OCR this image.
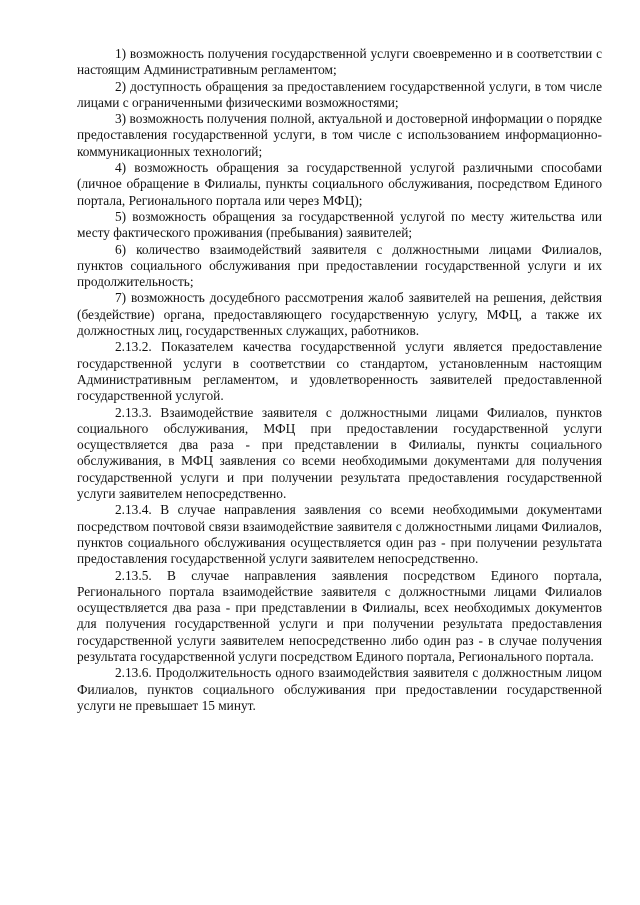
1) возможность получения государственной услуги своевременно и в соответствии с настоящим Административным регламентом;

2) доступность обращения за предоставлением государственной услуги, в том числе лицами с ограниченными физическими возможностями;

3) возможность получения полной, актуальной и достоверной информации о порядке предоставления государственной услуги, в том числе с использованием информационно-коммуникационных технологий;

4) возможность обращения за государственной услугой различными способами (личное обращение в Филиалы, пункты социального обслуживания, посредством Единого портала, Регионального портала или через МФЦ);

5) возможность обращения за государственной услугой по месту жительства или месту фактического проживания (пребывания) заявителей;

6) количество взаимодействий заявителя с должностными лицами Филиалов, пунктов социального обслуживания при предоставлении государственной услуги и их продолжительность;

7) возможность досудебного рассмотрения жалоб заявителей на решения, действия (бездействие) органа, предоставляющего государственную услугу, МФЦ, а также их должностных лиц, государственных служащих, работников.

2.13.2. Показателем качества государственной услуги является предоставление государственной услуги в соответствии со стандартом, установленным настоящим Административным регламентом, и удовлетворенность заявителей предоставленной государственной услугой.

2.13.3. Взаимодействие заявителя с должностными лицами Филиалов, пунктов социального обслуживания, МФЦ при предоставлении государственной услуги осуществляется два раза - при представлении в Филиалы, пункты социального обслуживания, в МФЦ заявления со всеми необходимыми документами для получения государственной услуги и при получении результата предоставления государственной услуги заявителем непосредственно.

2.13.4. В случае направления заявления со всеми необходимыми документами посредством почтовой связи взаимодействие заявителя с должностными лицами Филиалов, пунктов социального обслуживания осуществляется один раз - при получении результата предоставления государственной услуги заявителем непосредственно.

2.13.5. В случае направления заявления посредством Единого портала, Регионального портала взаимодействие заявителя с должностными лицами Филиалов осуществляется два раза - при представлении в Филиалы, всех необходимых документов для получения государственной услуги и при получении результата предоставления государственной услуги заявителем непосредственно либо один раз - в случае получения результата государственной услуги посредством Единого портала, Регионального портала.

2.13.6. Продолжительность одного взаимодействия заявителя с должностным лицом Филиалов, пунктов социального обслуживания при предоставлении государственной услуги не превышает 15 минут.
